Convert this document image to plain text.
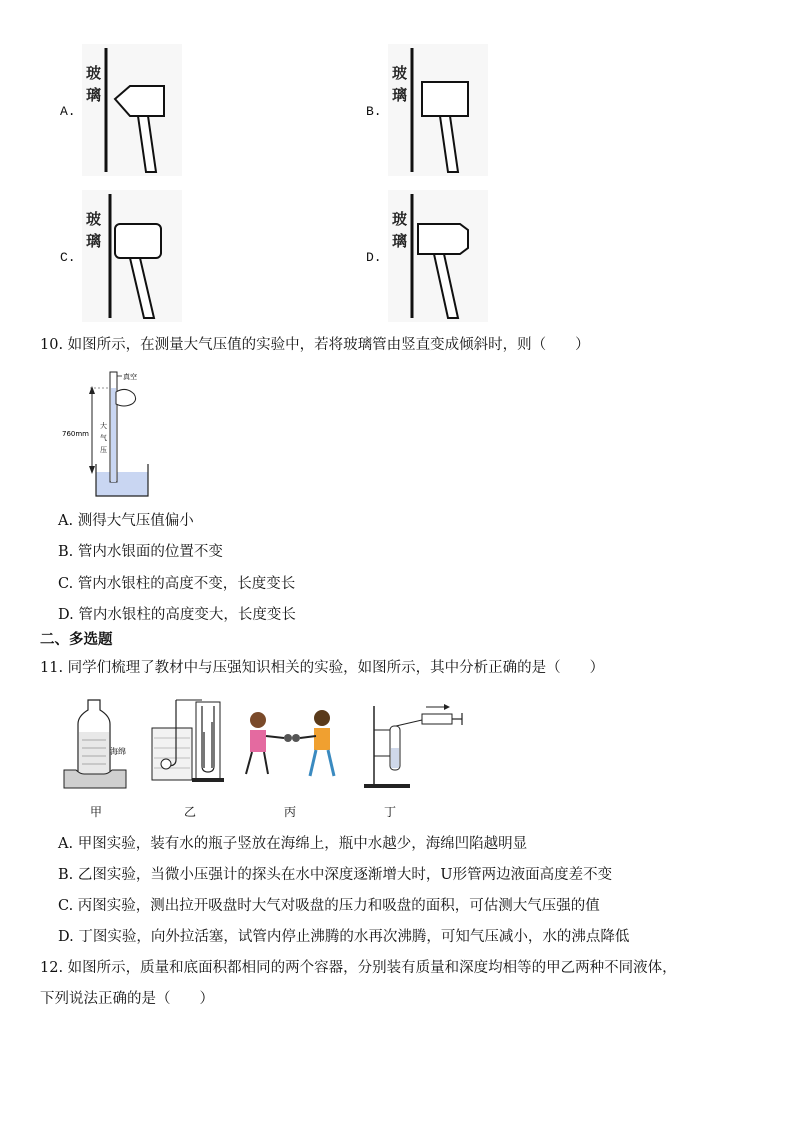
A.
玻璃
B.
玻璃
C.
玻璃
D.
玻璃
10. 如图所示，在测量大气压值的实验中，若将玻璃管由竖直变成倾斜时，则（　　）
真空
760mm
大
气
压
A. 测得大气压值偏小
B. 管内水银面的位置不变
C. 管内水银柱的高度不变，长度变长
D. 管内水银柱的高度变大，长度变长
二、多选题
11. 同学们梳理了教材中与压强知识相关的实验，如图所示，其中分析正确的是（　　）
海绵
甲	乙	丙	丁
A. 甲图实验，装有水的瓶子竖放在海绵上，瓶中水越少，海绵凹陷越明显
B. 乙图实验，当微小压强计的探头在水中深度逐渐增大时，U形管两边液面高度差不变
C. 丙图实验，测出拉开吸盘时大气对吸盘的压力和吸盘的面积，可估测大气压强的值
D. 丁图实验，向外拉活塞，试管内停止沸腾的水再次沸腾，可知气压减小，水的沸点降低
12. 如图所示，质量和底面积都相同的两个容器，分别装有质量和深度均相等的甲乙两种不同液体，
下列说法正确的是（　　）
